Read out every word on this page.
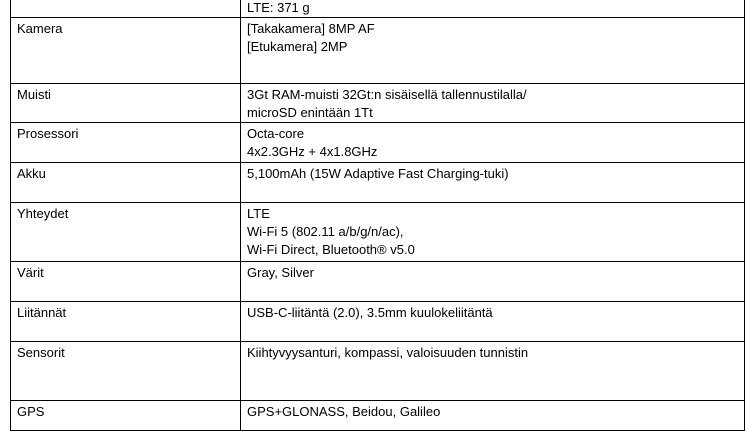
	LTE: 371 g

Kamera	[Takakamera] 8MP AF
[Etukamera] 2MP

Muisti	3Gt RAM-muisti 32Gt:n sisäisellä tallennustilalla/
microSD enintään 1Tt

Prosessori	Octa-core
4x2.3GHz + 4x1.8GHz

Akku	5,100mAh (15W Adaptive Fast Charging-tuki)

Yhteydet	LTE
Wi-Fi 5 (802.11 a/b/g/n/ac),
Wi-Fi Direct, Bluetooth® v5.0

Värit	Gray, Silver

Liitännät	USB-C-liitäntä (2.0), 3.5mm kuulokeliitäntä

Sensorit	Kiihtyvyysanturi, kompassi, valoisuuden tunnistin

GPS	GPS+GLONASS, Beidou, Galileo
